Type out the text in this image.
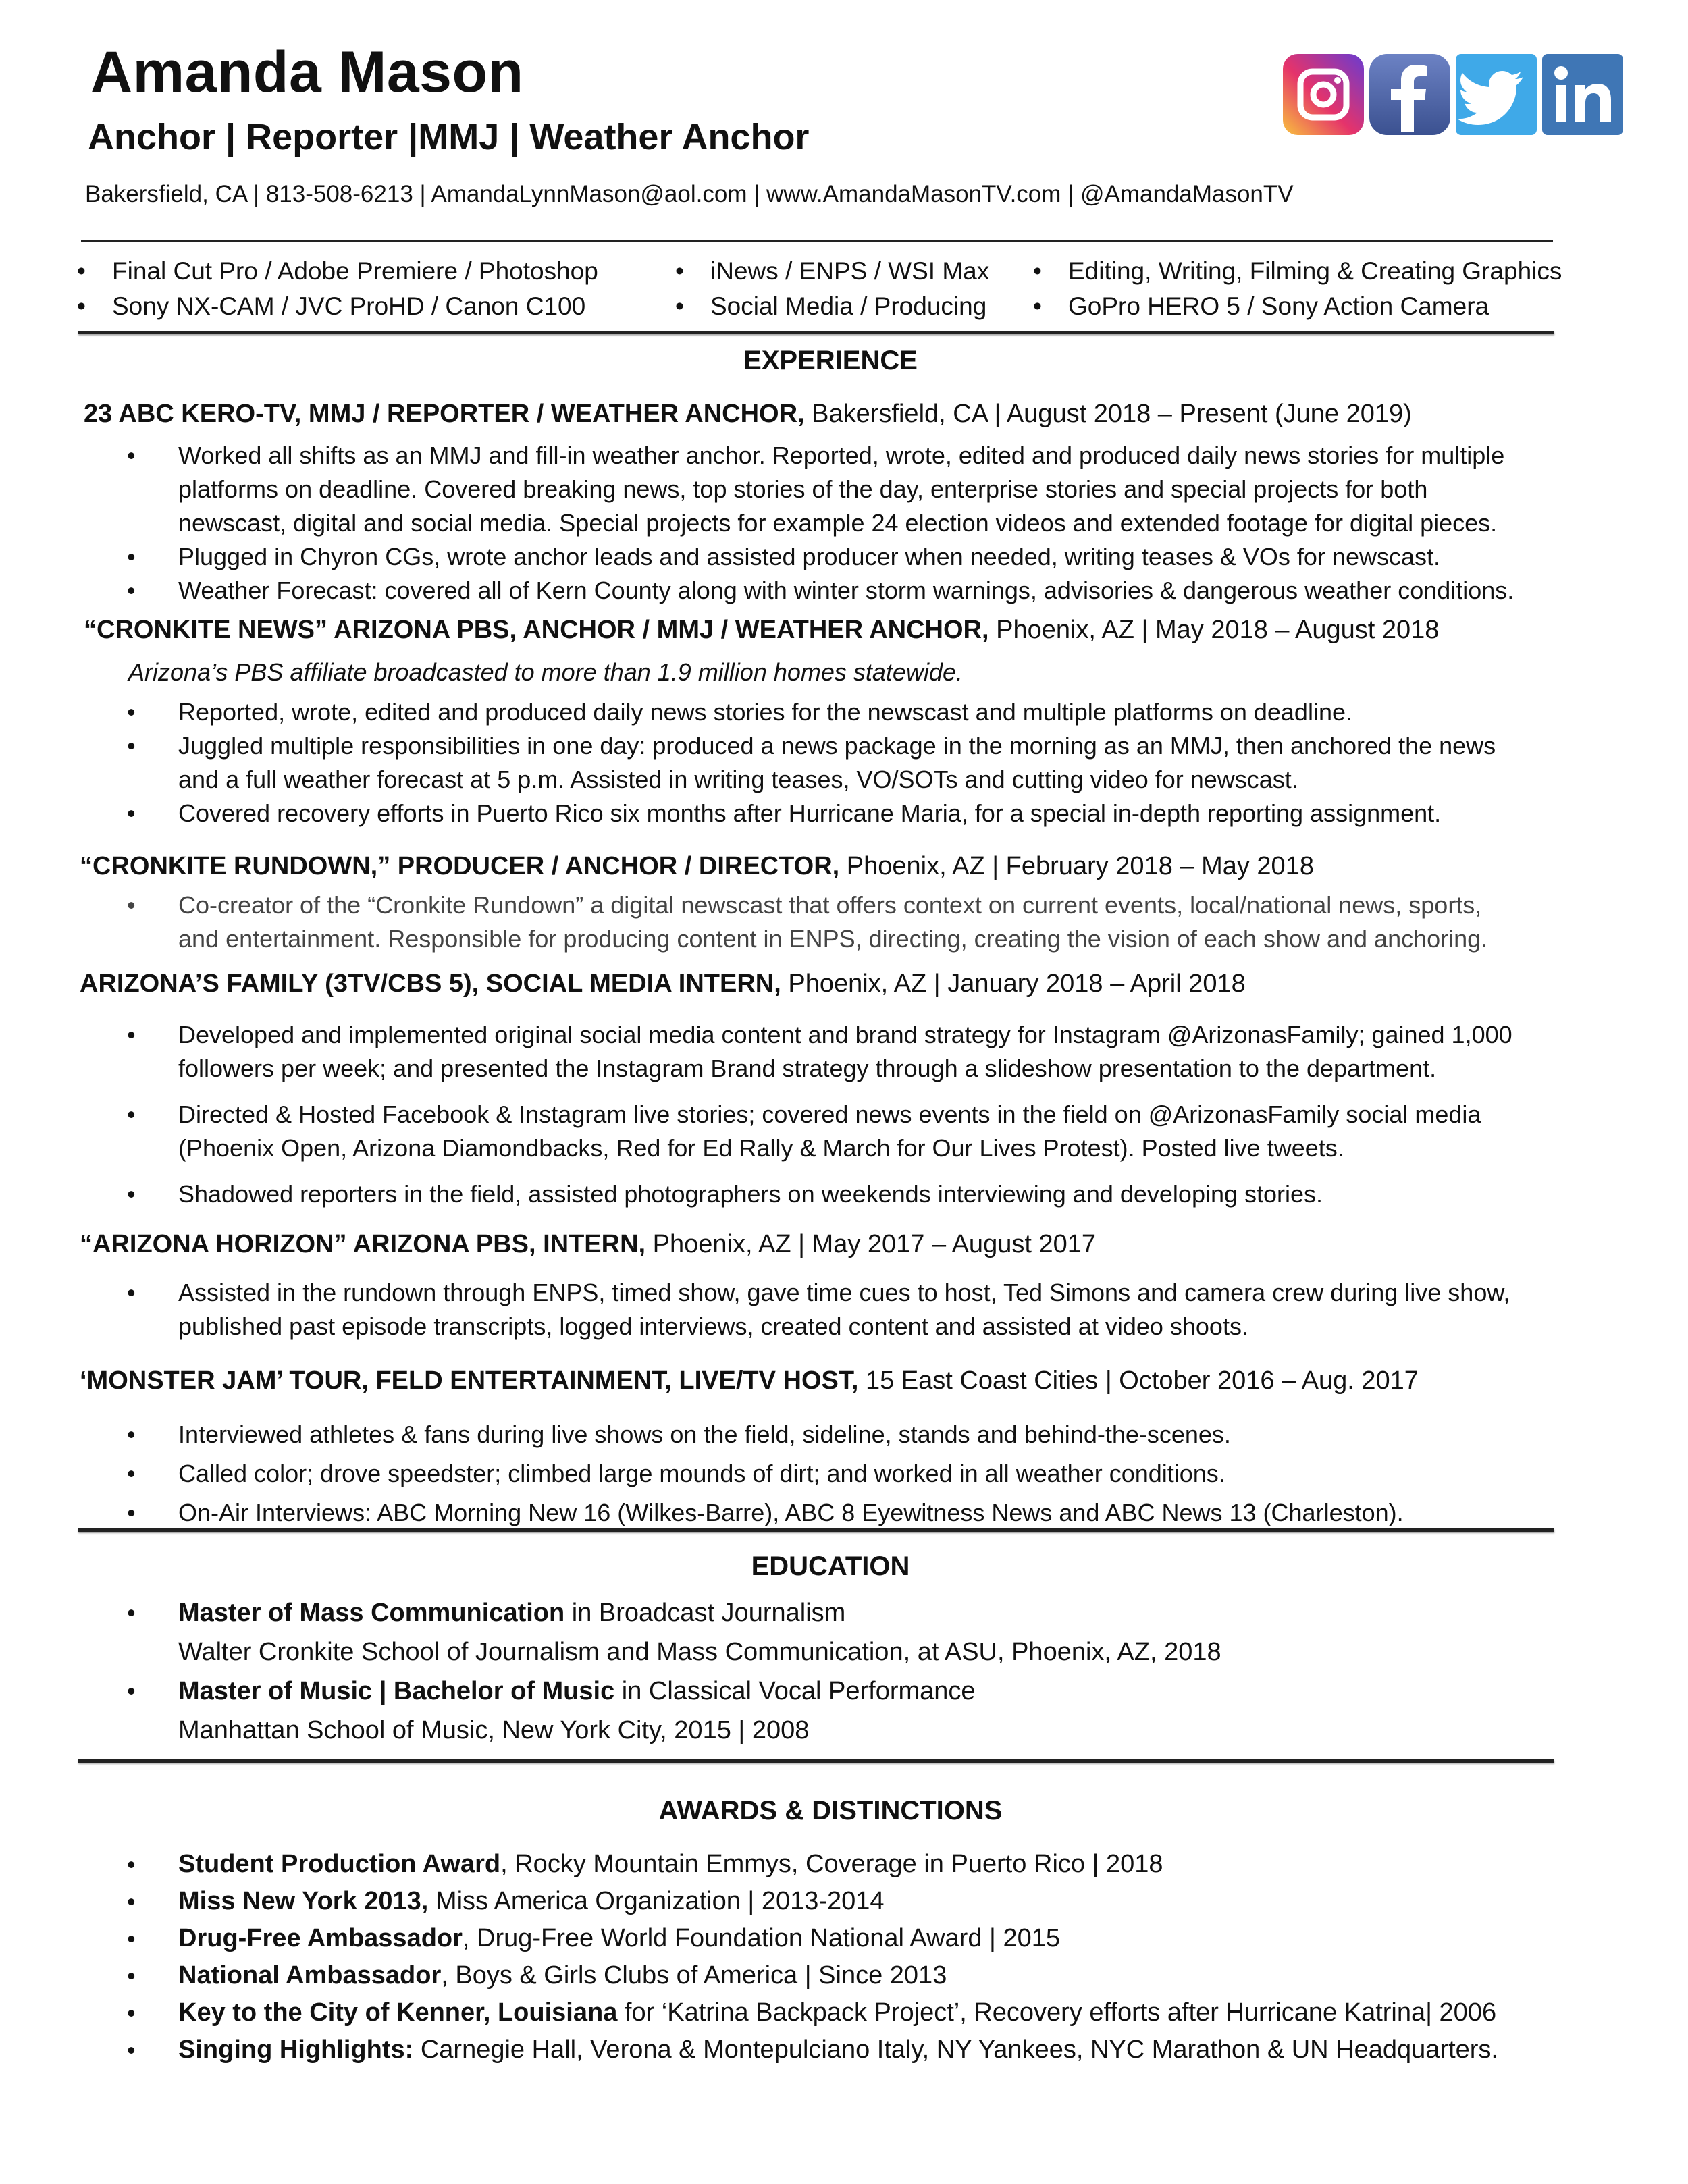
Amanda Mason
Anchor | Reporter |MMJ | Weather Anchor
Bakersfield, CA | 813-508-6213 | AmandaLynnMason@aol.com | www.AmandaMasonTV.com | @AmandaMasonTV
• Final Cut Pro / Adobe Premiere / Photoshop
• Sony NX-CAM / JVC ProHD / Canon C100
• iNews / ENPS / WSI Max
• Social Media / Producing
• Editing, Writing, Filming & Creating Graphics
• GoPro HERO 5 / Sony Action Camera
EXPERIENCE
23 ABC KERO-TV, MMJ / REPORTER / WEATHER ANCHOR, Bakersfield, CA | August 2018 – Present (June 2019)
• Worked all shifts as an MMJ and fill-in weather anchor. Reported, wrote, edited and produced daily news stories for multiple
platforms on deadline. Covered breaking news, top stories of the day, enterprise stories and special projects for both
newscast, digital and social media. Special projects for example 24 election videos and extended footage for digital pieces.
• Plugged in Chyron CGs, wrote anchor leads and assisted producer when needed, writing teases & VOs for newscast.
• Weather Forecast: covered all of Kern County along with winter storm warnings, advisories & dangerous weather conditions.
“CRONKITE NEWS” ARIZONA PBS, ANCHOR / MMJ / WEATHER ANCHOR, Phoenix, AZ | May 2018 – August 2018
Arizona’s PBS affiliate broadcasted to more than 1.9 million homes statewide.
• Reported, wrote, edited and produced daily news stories for the newscast and multiple platforms on deadline.
• Juggled multiple responsibilities in one day: produced a news package in the morning as an MMJ, then anchored the news
and a full weather forecast at 5 p.m. Assisted in writing teases, VO/SOTs and cutting video for newscast.
• Covered recovery efforts in Puerto Rico six months after Hurricane Maria, for a special in-depth reporting assignment.
“CRONKITE RUNDOWN,” PRODUCER / ANCHOR / DIRECTOR, Phoenix, AZ | February 2018 – May 2018
• Co-creator of the “Cronkite Rundown” a digital newscast that offers context on current events, local/national news, sports,
and entertainment. Responsible for producing content in ENPS, directing, creating the vision of each show and anchoring.
ARIZONA’S FAMILY (3TV/CBS 5), SOCIAL MEDIA INTERN, Phoenix, AZ | January 2018 – April 2018
• Developed and implemented original social media content and brand strategy for Instagram @ArizonasFamily; gained 1,000
followers per week; and presented the Instagram Brand strategy through a slideshow presentation to the department.
• Directed & Hosted Facebook & Instagram live stories; covered news events in the field on @ArizonasFamily social media
(Phoenix Open, Arizona Diamondbacks, Red for Ed Rally & March for Our Lives Protest). Posted live tweets.
• Shadowed reporters in the field, assisted photographers on weekends interviewing and developing stories.
“ARIZONA HORIZON” ARIZONA PBS, INTERN, Phoenix, AZ | May 2017 – August 2017
• Assisted in the rundown through ENPS, timed show, gave time cues to host, Ted Simons and camera crew during live show,
published past episode transcripts, logged interviews, created content and assisted at video shoots.
‘MONSTER JAM’ TOUR, FELD ENTERTAINMENT, LIVE/TV HOST, 15 East Coast Cities | October 2016 – Aug. 2017
• Interviewed athletes & fans during live shows on the field, sideline, stands and behind-the-scenes.
• Called color; drove speedster; climbed large mounds of dirt; and worked in all weather conditions.
• On-Air Interviews: ABC Morning New 16 (Wilkes-Barre), ABC 8 Eyewitness News and ABC News 13 (Charleston).
EDUCATION
• Master of Mass Communication in Broadcast Journalism
Walter Cronkite School of Journalism and Mass Communication, at ASU, Phoenix, AZ, 2018
• Master of Music | Bachelor of Music in Classical Vocal Performance
Manhattan School of Music, New York City, 2015 | 2008
AWARDS & DISTINCTIONS
• Student Production Award, Rocky Mountain Emmys, Coverage in Puerto Rico | 2018
• Miss New York 2013, Miss America Organization | 2013-2014
• Drug-Free Ambassador, Drug-Free World Foundation National Award | 2015
• National Ambassador, Boys & Girls Clubs of America | Since 2013
• Key to the City of Kenner, Louisiana for ‘Katrina Backpack Project’, Recovery efforts after Hurricane Katrina| 2006
• Singing Highlights: Carnegie Hall, Verona & Montepulciano Italy, NY Yankees, NYC Marathon & UN Headquarters.
